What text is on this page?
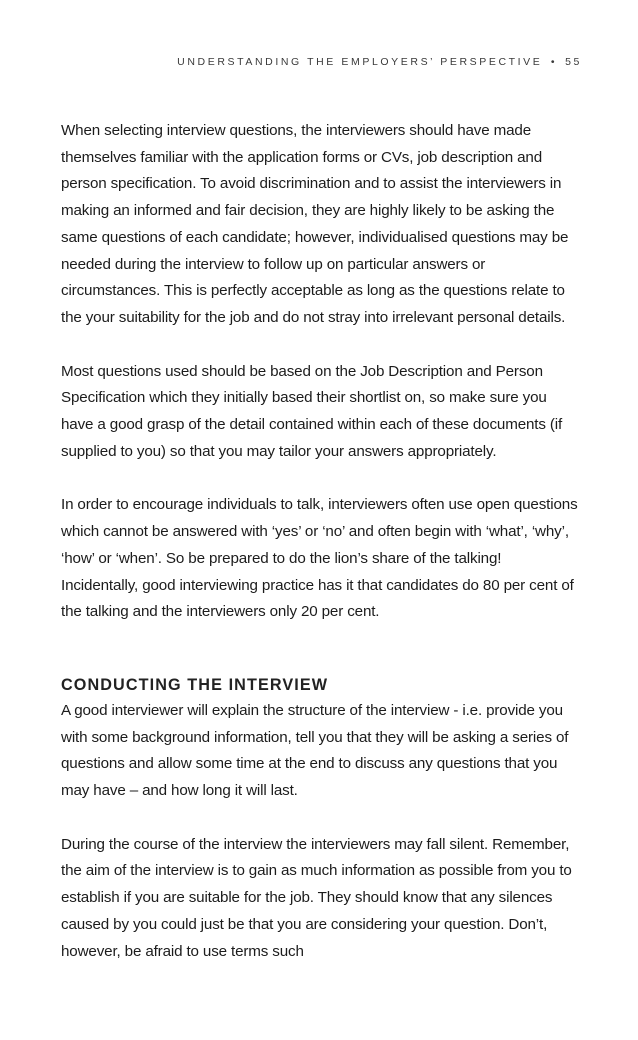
UNDERSTANDING THE EMPLOYERS’ PERSPECTIVE • 55

When selecting interview questions, the interviewers should have made themselves familiar with the application forms or CVs, job description and person specification. To avoid discrimination and to assist the interviewers in making an informed and fair decision, they are highly likely to be asking the same questions of each candidate; however, individualised questions may be needed during the interview to follow up on particular answers or circumstances. This is perfectly acceptable as long as the questions relate to the your suitability for the job and do not stray into irrelevant personal details.

Most questions used should be based on the Job Description and Person Specification which they initially based their shortlist on, so make sure you have a good grasp of the detail contained within each of these documents (if supplied to you) so that you may tailor your answers appropriately.

In order to encourage individuals to talk, interviewers often use open questions which cannot be answered with ‘yes’ or ‘no’ and often begin with ‘what’, ‘why’, ‘how’ or ‘when’. So be prepared to do the lion’s share of the talking! Incidentally, good interviewing practice has it that candidates do 80 per cent of the talking and the interviewers only 20 per cent.

CONDUCTING THE INTERVIEW

A good interviewer will explain the structure of the interview - i.e. provide you with some background information, tell you that they will be asking a series of questions and allow some time at the end to discuss any questions that you may have – and how long it will last.

During the course of the interview the interviewers may fall silent. Remember, the aim of the interview is to gain as much information as possible from you to establish if you are suitable for the job. They should know that any silences caused by you could just be that you are considering your question. Don’t, however, be afraid to use terms such
